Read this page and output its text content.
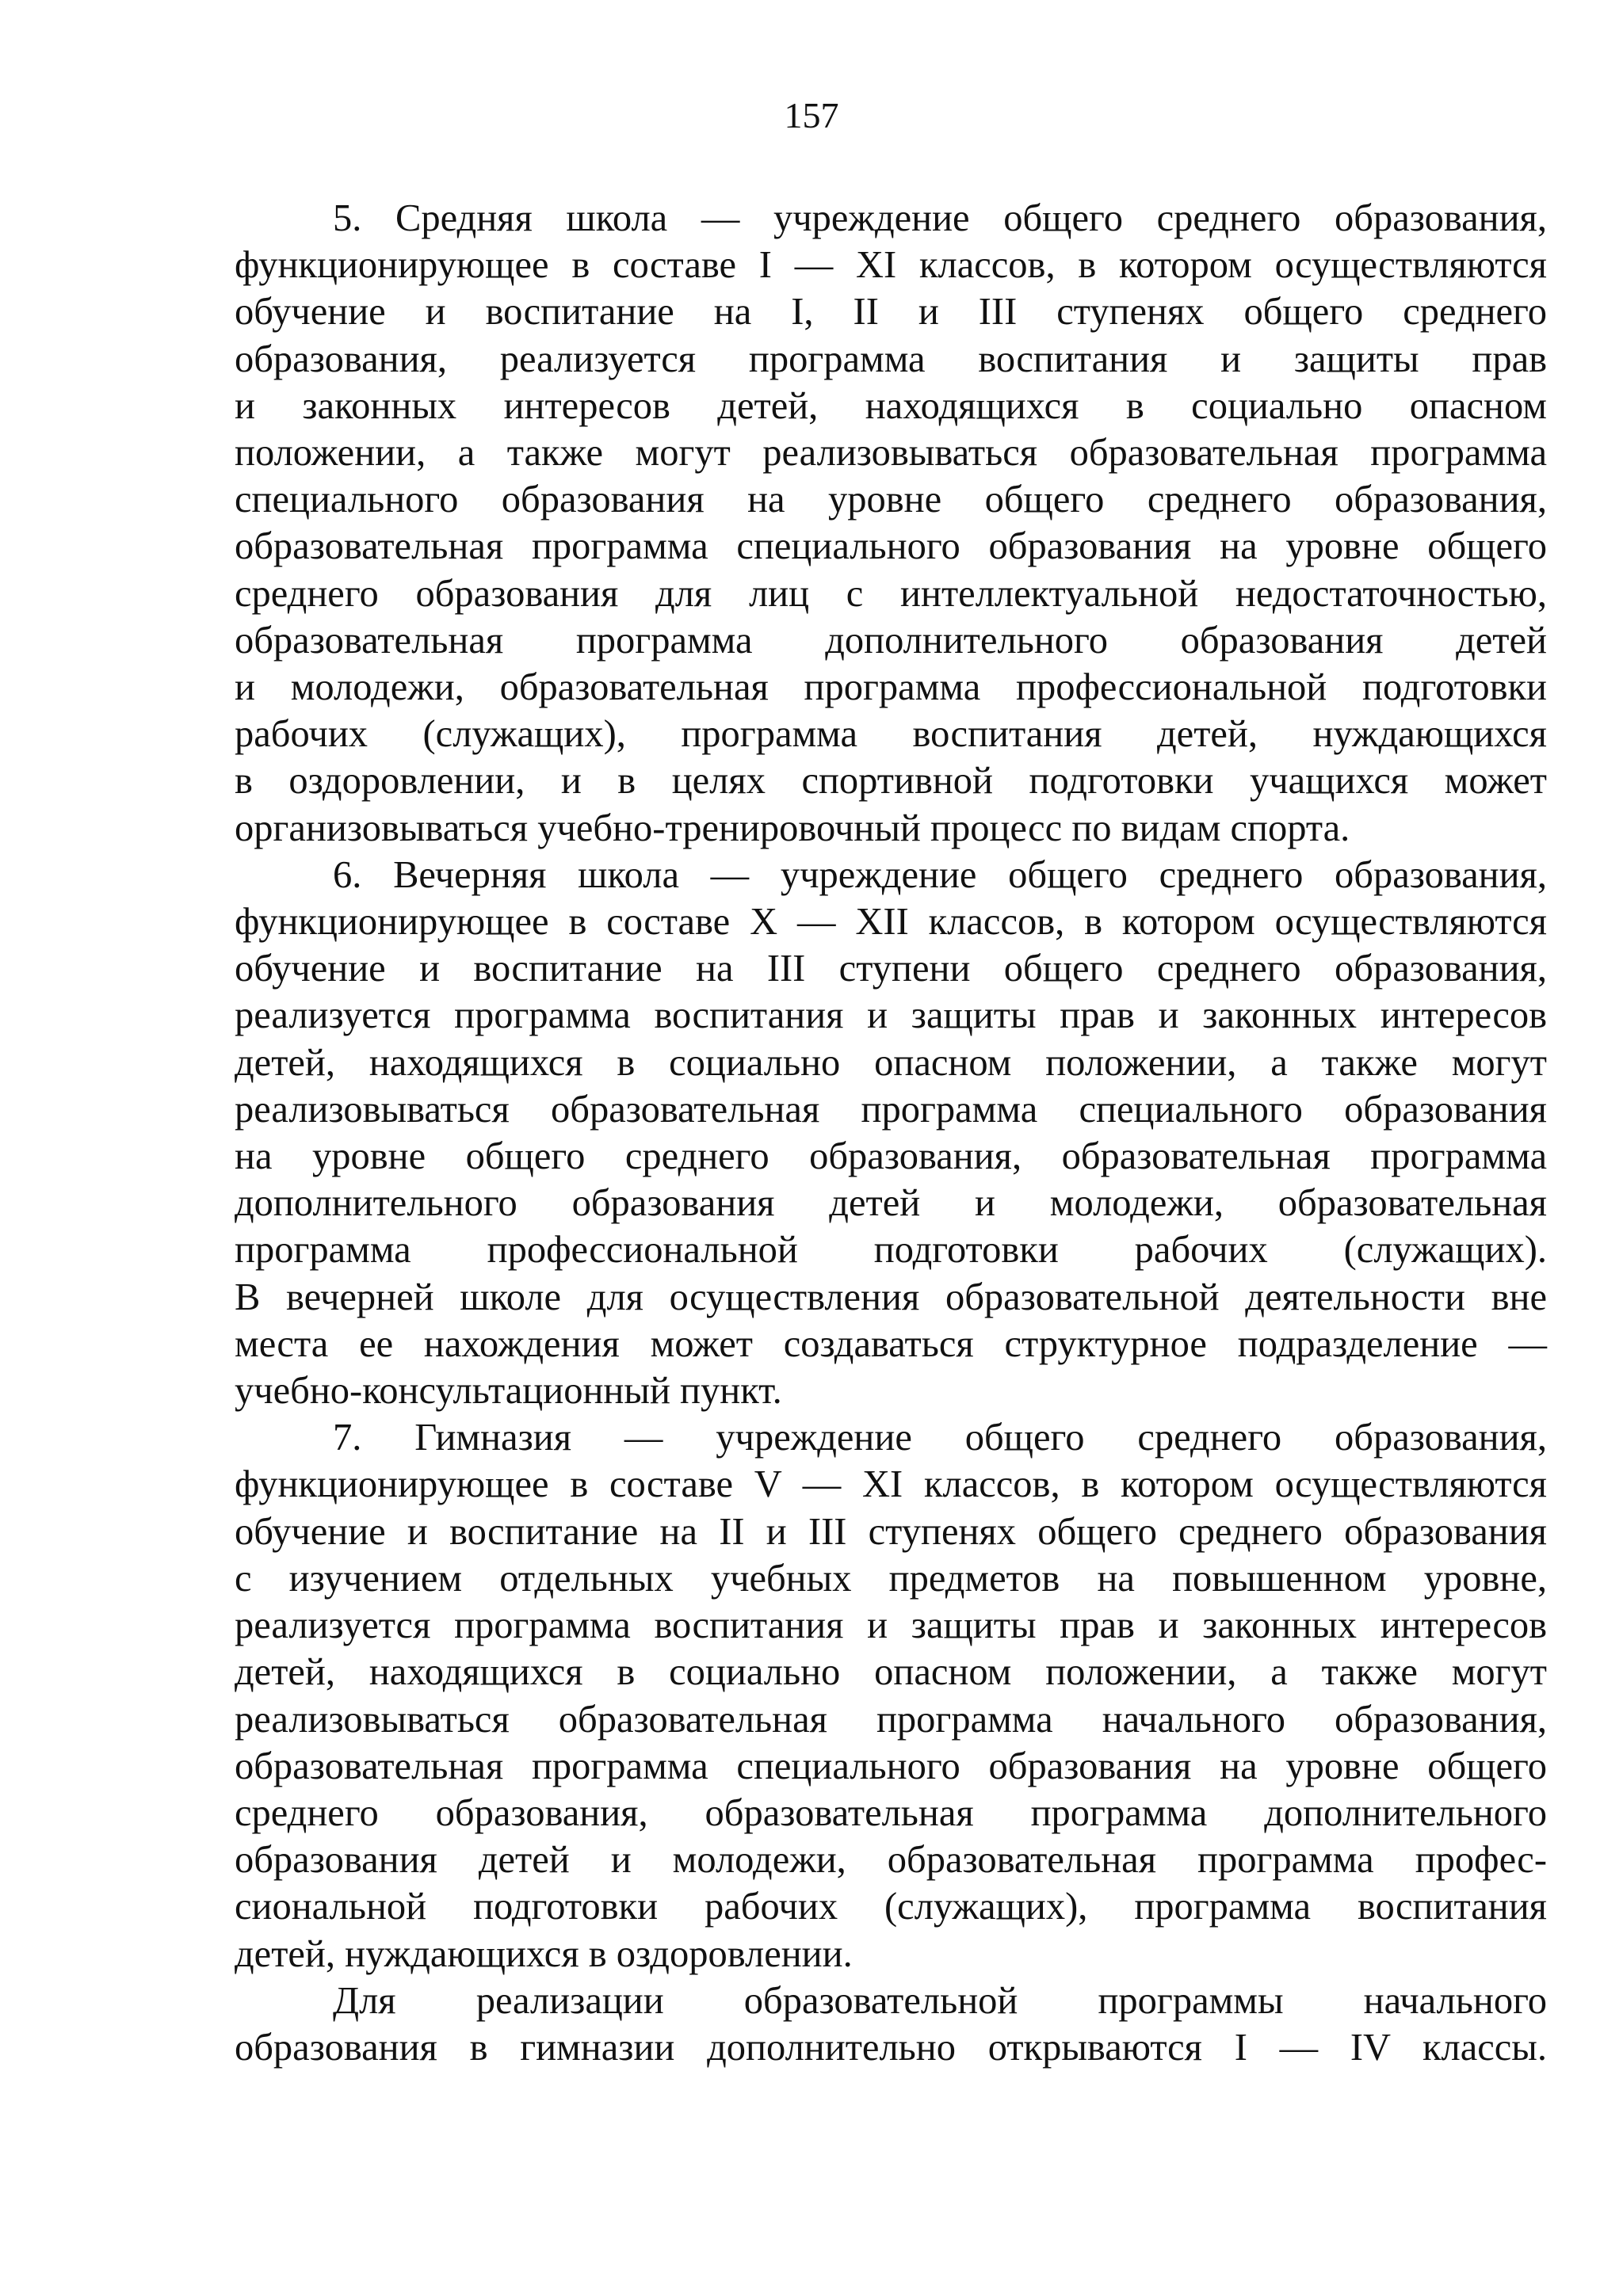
157

5. Средняя школа — учреждение общего среднего образования,
функционирующее в составе I — XI классов, в котором осуществляются
обучение и воспитание на I, II и III ступенях общего среднего
образования, реализуется программа воспитания и защиты прав
и законных интересов детей, находящихся в социально опасном
положении, а также могут реализовываться образовательная программа
специального образования на уровне общего среднего образования,
образовательная программа специального образования на уровне общего
среднего образования для лиц с интеллектуальной недостаточностью,
образовательная программа дополнительного образования детей
и молодежи, образовательная программа профессиональной подготовки
рабочих (служащих), программа воспитания детей, нуждающихся
в оздоровлении, и в целях спортивной подготовки учащихся может
организовываться учебно-тренировочный процесс по видам спорта.

6. Вечерняя школа — учреждение общего среднего образования,
функционирующее в составе X — XII классов, в котором осуществляются
обучение и воспитание на III ступени общего среднего образования,
реализуется программа воспитания и защиты прав и законных интересов
детей, находящихся в социально опасном положении, а также могут
реализовываться образовательная программа специального образования
на уровне общего среднего образования, образовательная программа
дополнительного образования детей и молодежи, образовательная
программа профессиональной подготовки рабочих (служащих).
В вечерней школе для осуществления образовательной деятельности вне
места ее нахождения может создаваться структурное подразделение —
учебно-консультационный пункт.

7. Гимназия — учреждение общего среднего образования,
функционирующее в составе V — XI классов, в котором осуществляются
обучение и воспитание на II и III ступенях общего среднего образования
с изучением отдельных учебных предметов на повышенном уровне,
реализуется программа воспитания и защиты прав и законных интересов
детей, находящихся в социально опасном положении, а также могут
реализовываться образовательная программа начального образования,
образовательная программа специального образования на уровне общего
среднего образования, образовательная программа дополнительного
образования детей и молодежи, образовательная программа профес-
сиональной подготовки рабочих (служащих), программа воспитания
детей, нуждающихся в оздоровлении.

Для реализации образовательной программы начального
образования в гимназии дополнительно открываются I — IV классы.
